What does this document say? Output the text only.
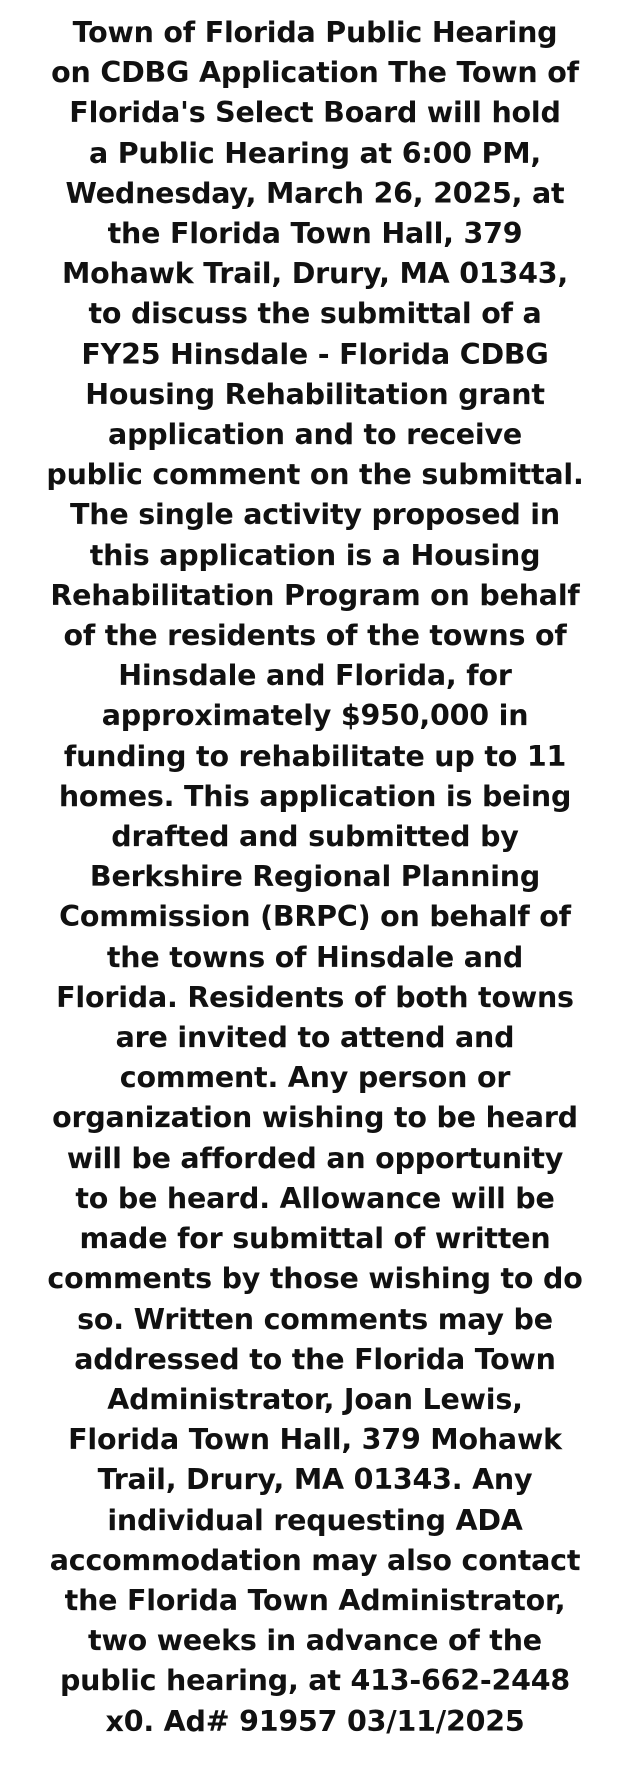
Town of Florida Public Hearing
on CDBG Application The Town of
Florida's Select Board will hold
a Public Hearing at 6:00 PM,
Wednesday, March 26, 2025, at
the Florida Town Hall, 379
Mohawk Trail, Drury, MA 01343,
to discuss the submittal of a
FY25 Hinsdale - Florida CDBG
Housing Rehabilitation grant
application and to receive
public comment on the submittal.
The single activity proposed in
this application is a Housing
Rehabilitation Program on behalf
of the residents of the towns of
Hinsdale and Florida, for
approximately $950,000 in
funding to rehabilitate up to 11
homes. This application is being
drafted and submitted by
Berkshire Regional Planning
Commission (BRPC) on behalf of
the towns of Hinsdale and
Florida. Residents of both towns
are invited to attend and
comment. Any person or
organization wishing to be heard
will be afforded an opportunity
to be heard. Allowance will be
made for submittal of written
comments by those wishing to do
so. Written comments may be
addressed to the Florida Town
Administrator, Joan Lewis,
Florida Town Hall, 379 Mohawk
Trail, Drury, MA 01343. Any
individual requesting ADA
accommodation may also contact
the Florida Town Administrator,
two weeks in advance of the
public hearing, at 413-662-2448
x0. Ad# 91957 03/11/2025
